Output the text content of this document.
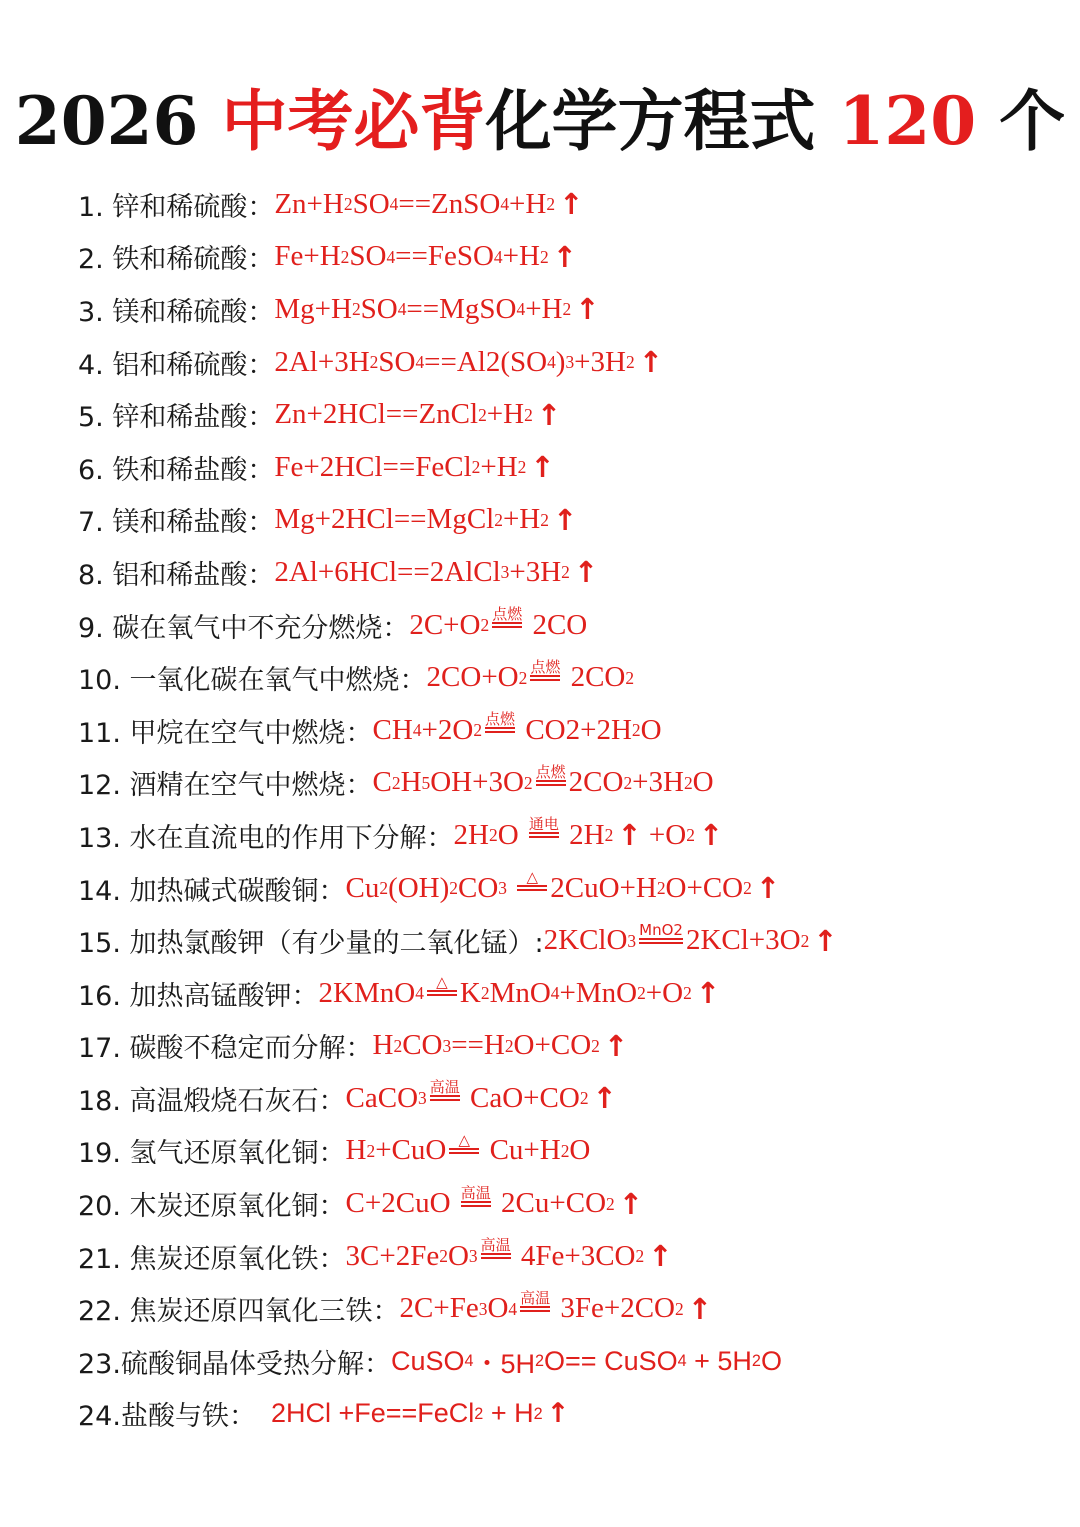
2026 中考必背化学方程式 120 个
1. 锌和稀硫酸： Zn+H 2 SO 4 ==ZnSO 4 +H 2 ↑
2. 铁和稀硫酸： Fe+H 2 SO 4 ==FeSO 4 +H 2 ↑
3. 镁和稀硫酸： Mg+H 2 SO 4 ==MgSO 4 +H 2 ↑
4. 铝和稀硫酸： 2Al+3H 2 SO 4 ==Al2(SO 4 ) 3 +3H 2 ↑
5. 锌和稀盐酸： Zn+2HCl==ZnCl 2 +H 2 ↑
6. 铁和稀盐酸： Fe+2HCl==FeCl 2 +H 2 ↑
7. 镁和稀盐酸： Mg+2HCl==MgCl 2 +H 2 ↑
8. 铝和稀盐酸： 2Al+6HCl==2AlCl 3 +3H 2 ↑
9. 碳在氧气中不充分燃烧： 2C+O 2
点燃 2CO
10. 一氧化碳在氧气中燃烧： 2CO+O 2
点燃 2CO 2
11. 甲烷在空气中燃烧： CH 4 +2O 2
点燃 CO2+2H 2 O
12. 酒精在空气中燃烧： C 2 H 5 OH+3O 2
点燃 2CO 2 +3H 2 O
13. 水在直流电的作用下分解： 2H 2 O 通电 2H 2 ↑ +O 2 ↑
14. 加热碱式碳酸铜： Cu 2 (OH) 2 CO 3

△ 2CuO+H 2 O+CO 2 ↑
15. 加热氯酸钾（有少量的二氧化锰）: 2KClO 3
MnO2 2KCl+3O 2 ↑
16. 加热高锰酸钾： 2KMnO 4
△ K 2 MnO 4 +MnO 2 +O 2 ↑
17. 碳酸不稳定而分解： H 2 CO 3 ==H 2 O+CO 2 ↑
18. 高温煅烧石灰石： CaCO 3
高温 CaO+CO 2 ↑
19. 氢气还原氧化铜： H 2 +CuO △ Cu+H 2 O
20. 木炭还原氧化铜： C+2CuO 高温 2Cu+CO 2 ↑
21. 焦炭还原氧化铁： 3C+2Fe 2 O 3
高温 4Fe+3CO 2 ↑
22. 焦炭还原四氧化三铁： 2C+Fe 3 O 4
高温 3Fe+2CO 2 ↑
23.硫酸铜晶体受热分解： CuSO 4 ・5H 2 O== CuSO 4 + 5H 2 O
24.盐酸与铁： 2HCl +Fe==FeCl 2 + H 2 ↑
